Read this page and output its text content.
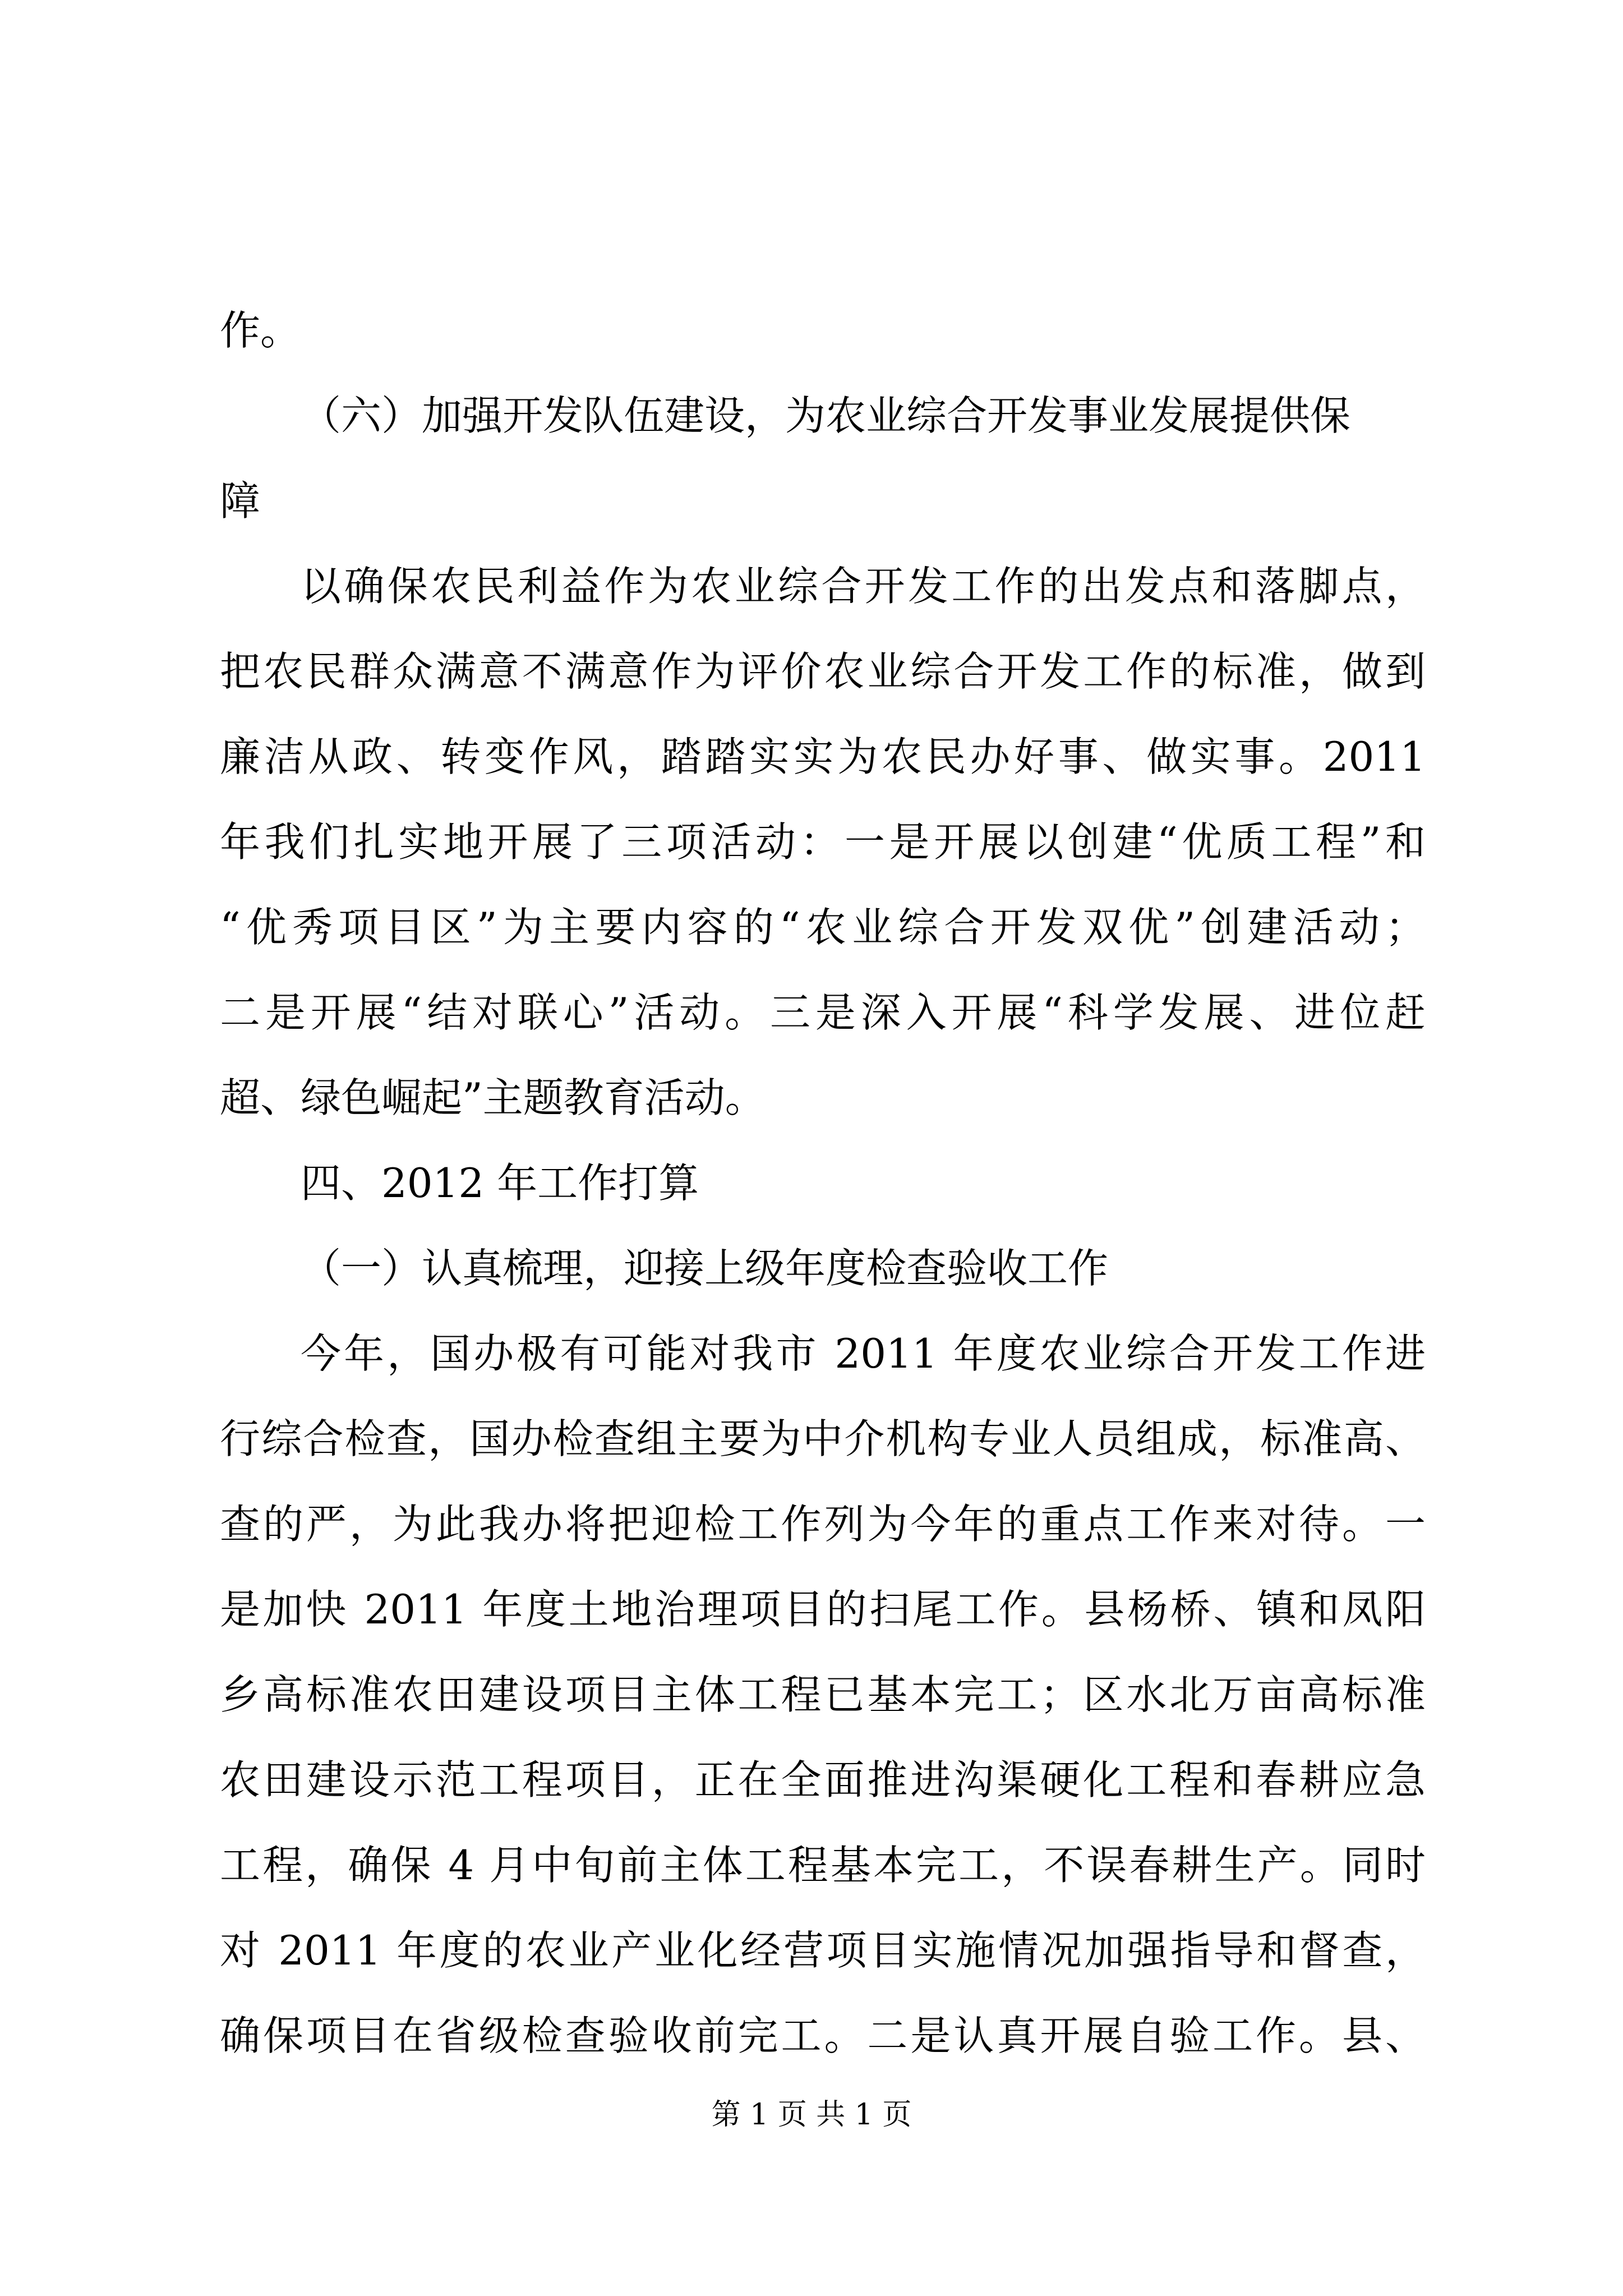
作。
（六）加强开发队伍建设，为农业综合开发事业发展提供保
障
以确保农民利益作为农业综合开发工作的出发点和落脚点，
把农民群众满意不满意作为评价农业综合开发工作的标准，做到
廉洁从政、转变作风，踏踏实实为农民办好事、做实事。2011
年我们扎实地开展了三项活动：一是开展以创建“优质工程”和
“优秀项目区”为主要内容的“农业综合开发双优”创建活动；
二是开展“结对联心”活动。三是深入开展“科学发展、进位赶
超、绿色崛起”主题教育活动。
四、2012 年工作打算
（一）认真梳理，迎接上级年度检查验收工作
今年，国办极有可能对我市 2011 年度农业综合开发工作进
行综合检查，国办检查组主要为中介机构专业人员组成，标准高、
查的严，为此我办将把迎检工作列为今年的重点工作来对待。一
是加快 2011 年度土地治理项目的扫尾工作。县杨桥、镇和凤阳
乡高标准农田建设项目主体工程已基本完工；区水北万亩高标准
农田建设示范工程项目，正在全面推进沟渠硬化工程和春耕应急
工程，确保 4 月中旬前主体工程基本完工，不误春耕生产。同时
对 2011 年度的农业产业化经营项目实施情况加强指导和督查，
确保项目在省级检查验收前完工。二是认真开展自验工作。县、
第 1 页 共 1 页
